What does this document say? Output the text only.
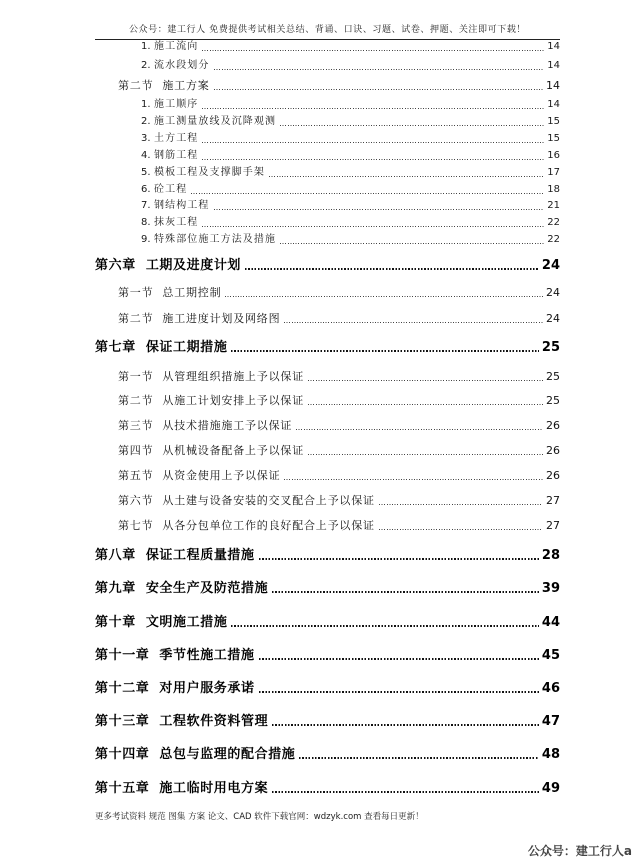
公众号：建工行人 免费提供考试相关总结、背诵、口诀、习题、试卷、押题、关注即可下载！
1. 施工流向	14
2. 流水段划分	14
第二节 施工方案	14
1. 施工顺序	14
2. 施工测量放线及沉降观测	15
3. 土方工程	15
4. 钢筋工程	16
5. 模板工程及支撑脚手架	17
6. 砼工程	18
7. 钢结构工程	21
8. 抹灰工程	22
9. 特殊部位施工方法及措施	22
第六章 工期及进度计划	24
第一节 总工期控制	24
第二节 施工进度计划及网络图	24
第七章 保证工期措施	25
第一节 从管理组织措施上予以保证	25
第二节 从施工计划安排上予以保证	25
第三节 从技术措施施工予以保证	26
第四节 从机械设备配备上予以保证	26
第五节 从资金使用上予以保证	26
第六节 从土建与设备安装的交叉配合上予以保证	27
第七节 从各分包单位工作的良好配合上予以保证	27
第八章 保证工程质量措施	28
第九章 安全生产及防范措施	39
第十章 文明施工措施	44
第十一章 季节性施工措施	45
第十二章 对用户服务承诺	46
第十三章 工程软件资料管理	47
第十四章 总包与监理的配合措施	48
第十五章 施工临时用电方案	49
更多考试资料 规范 图集 方案 论文、CAD 软件下载官网：wdzyk.com 查看每日更新！
公众号：建工行人a
